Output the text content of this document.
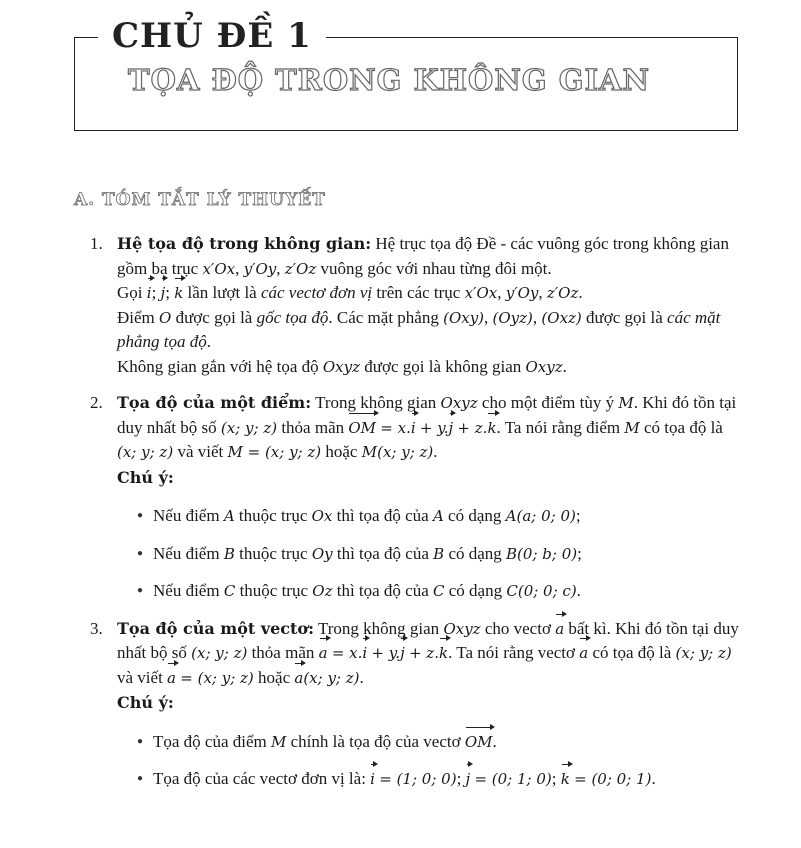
CHỦ ĐỀ 1
TỌA ĐỘ TRONG KHÔNG GIAN
A. TÓM TẮT LÝ THUYẾT
1. Hệ tọa độ trong không gian: Hệ trục tọa độ Đề - các vuông góc trong không gian gồm ba trục x′Ox, y′Oy, z′Oz vuông góc với nhau từng đôi một.
Gọi i; j; k lần lượt là các vectơ đơn vị trên các trục x′Ox, y′Oy, z′Oz.
Điểm O được gọi là gốc tọa độ. Các mặt phẳng (Oxy), (Oyz), (Oxz) được gọi là các mặt phẳng tọa độ.
Không gian gắn với hệ tọa độ Oxyz được gọi là không gian Oxyz.
2. Tọa độ của một điểm: Trong không gian Oxyz cho một điểm tùy ý M. Khi đó tồn tại duy nhất bộ số (x; y; z) thỏa mãn OM = x.i + y.j + z.k. Ta nói rằng điểm M có tọa độ là (x; y; z) và viết M = (x; y; z) hoặc M(x; y; z).
Chú ý:
● Nếu điểm A thuộc trục Ox thì tọa độ của A có dạng A(a; 0; 0);
● Nếu điểm B thuộc trục Oy thì tọa độ của B có dạng B(0; b; 0);
● Nếu điểm C thuộc trục Oz thì tọa độ của C có dạng C(0; 0; c).
3. Tọa độ của một vectơ: Trong không gian Oxyz cho vectơ a bất kì. Khi đó tồn tại duy nhất bộ số (x; y; z) thỏa mãn a = x.i + y.j + z.k. Ta nói rằng vectơ a có tọa độ là (x; y; z) và viết a = (x; y; z) hoặc a(x; y; z).
Chú ý:
● Tọa độ của điểm M chính là tọa độ của vectơ OM.
● Tọa độ của các vectơ đơn vị là: i = (1; 0; 0); j = (0; 1; 0); k = (0; 0; 1).
